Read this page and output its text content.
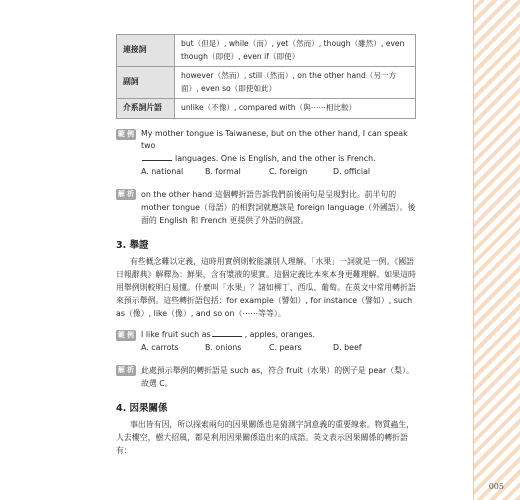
連接詞	but（但是）, while（而）, yet（然而）, though（雖然）, even though（即使）, even if（即使）
副詞	however（然而）, still（然而）, on the other hand（另一方面）, even so（即使如此）
介系詞片語	unlike（不像）, compared with（與⋯⋯相比較）
範 例 My mother tongue is Taiwanese, but on the other hand, I can speak two
languages. One is English, and the other is French.
A. national	B. formal	C. foreign	D. official
解 析 on the other hand 這個轉折語告訴我們前後兩句是呈現對比。前半句的 mother tongue（母語）的相對詞就應該是 foreign language（外國語）。後面的 English 和 French 更提供了外語的例證。
3. 舉證
有些概念難以定義，這時用實例則較能讓別人理解。「水果」一詞就是一例。《國語日報辭典》解釋為：鮮果，含有漿液的果實。這個定義比本來本身更難理解。如果這時用舉例則較明白易懂。什麼叫「水果」？諸如柳丁、西瓜、葡萄。在英文中常用轉折語來預示舉例。這些轉折語包括：for example（譬如）, for instance（譬如）, such as（像）, like（像）, and so on（⋯⋯等等）。
範 例 I like fruit such as	, apples, oranges.
A. carrots	B. onions	C. pears	D. beef
解 析 此處預示舉例的轉折語是 such as，符合 fruit（水果）的例子是 pear（梨）。故選 C。
4. 因果關係
事出皆有因，所以探索兩句的因果關係也是猜測字詞意義的重要線索。物質蟲生，人去樓空，樹大招風，都是利用因果關係造出來的成語。英文表示因果關係的轉折語有：
005
